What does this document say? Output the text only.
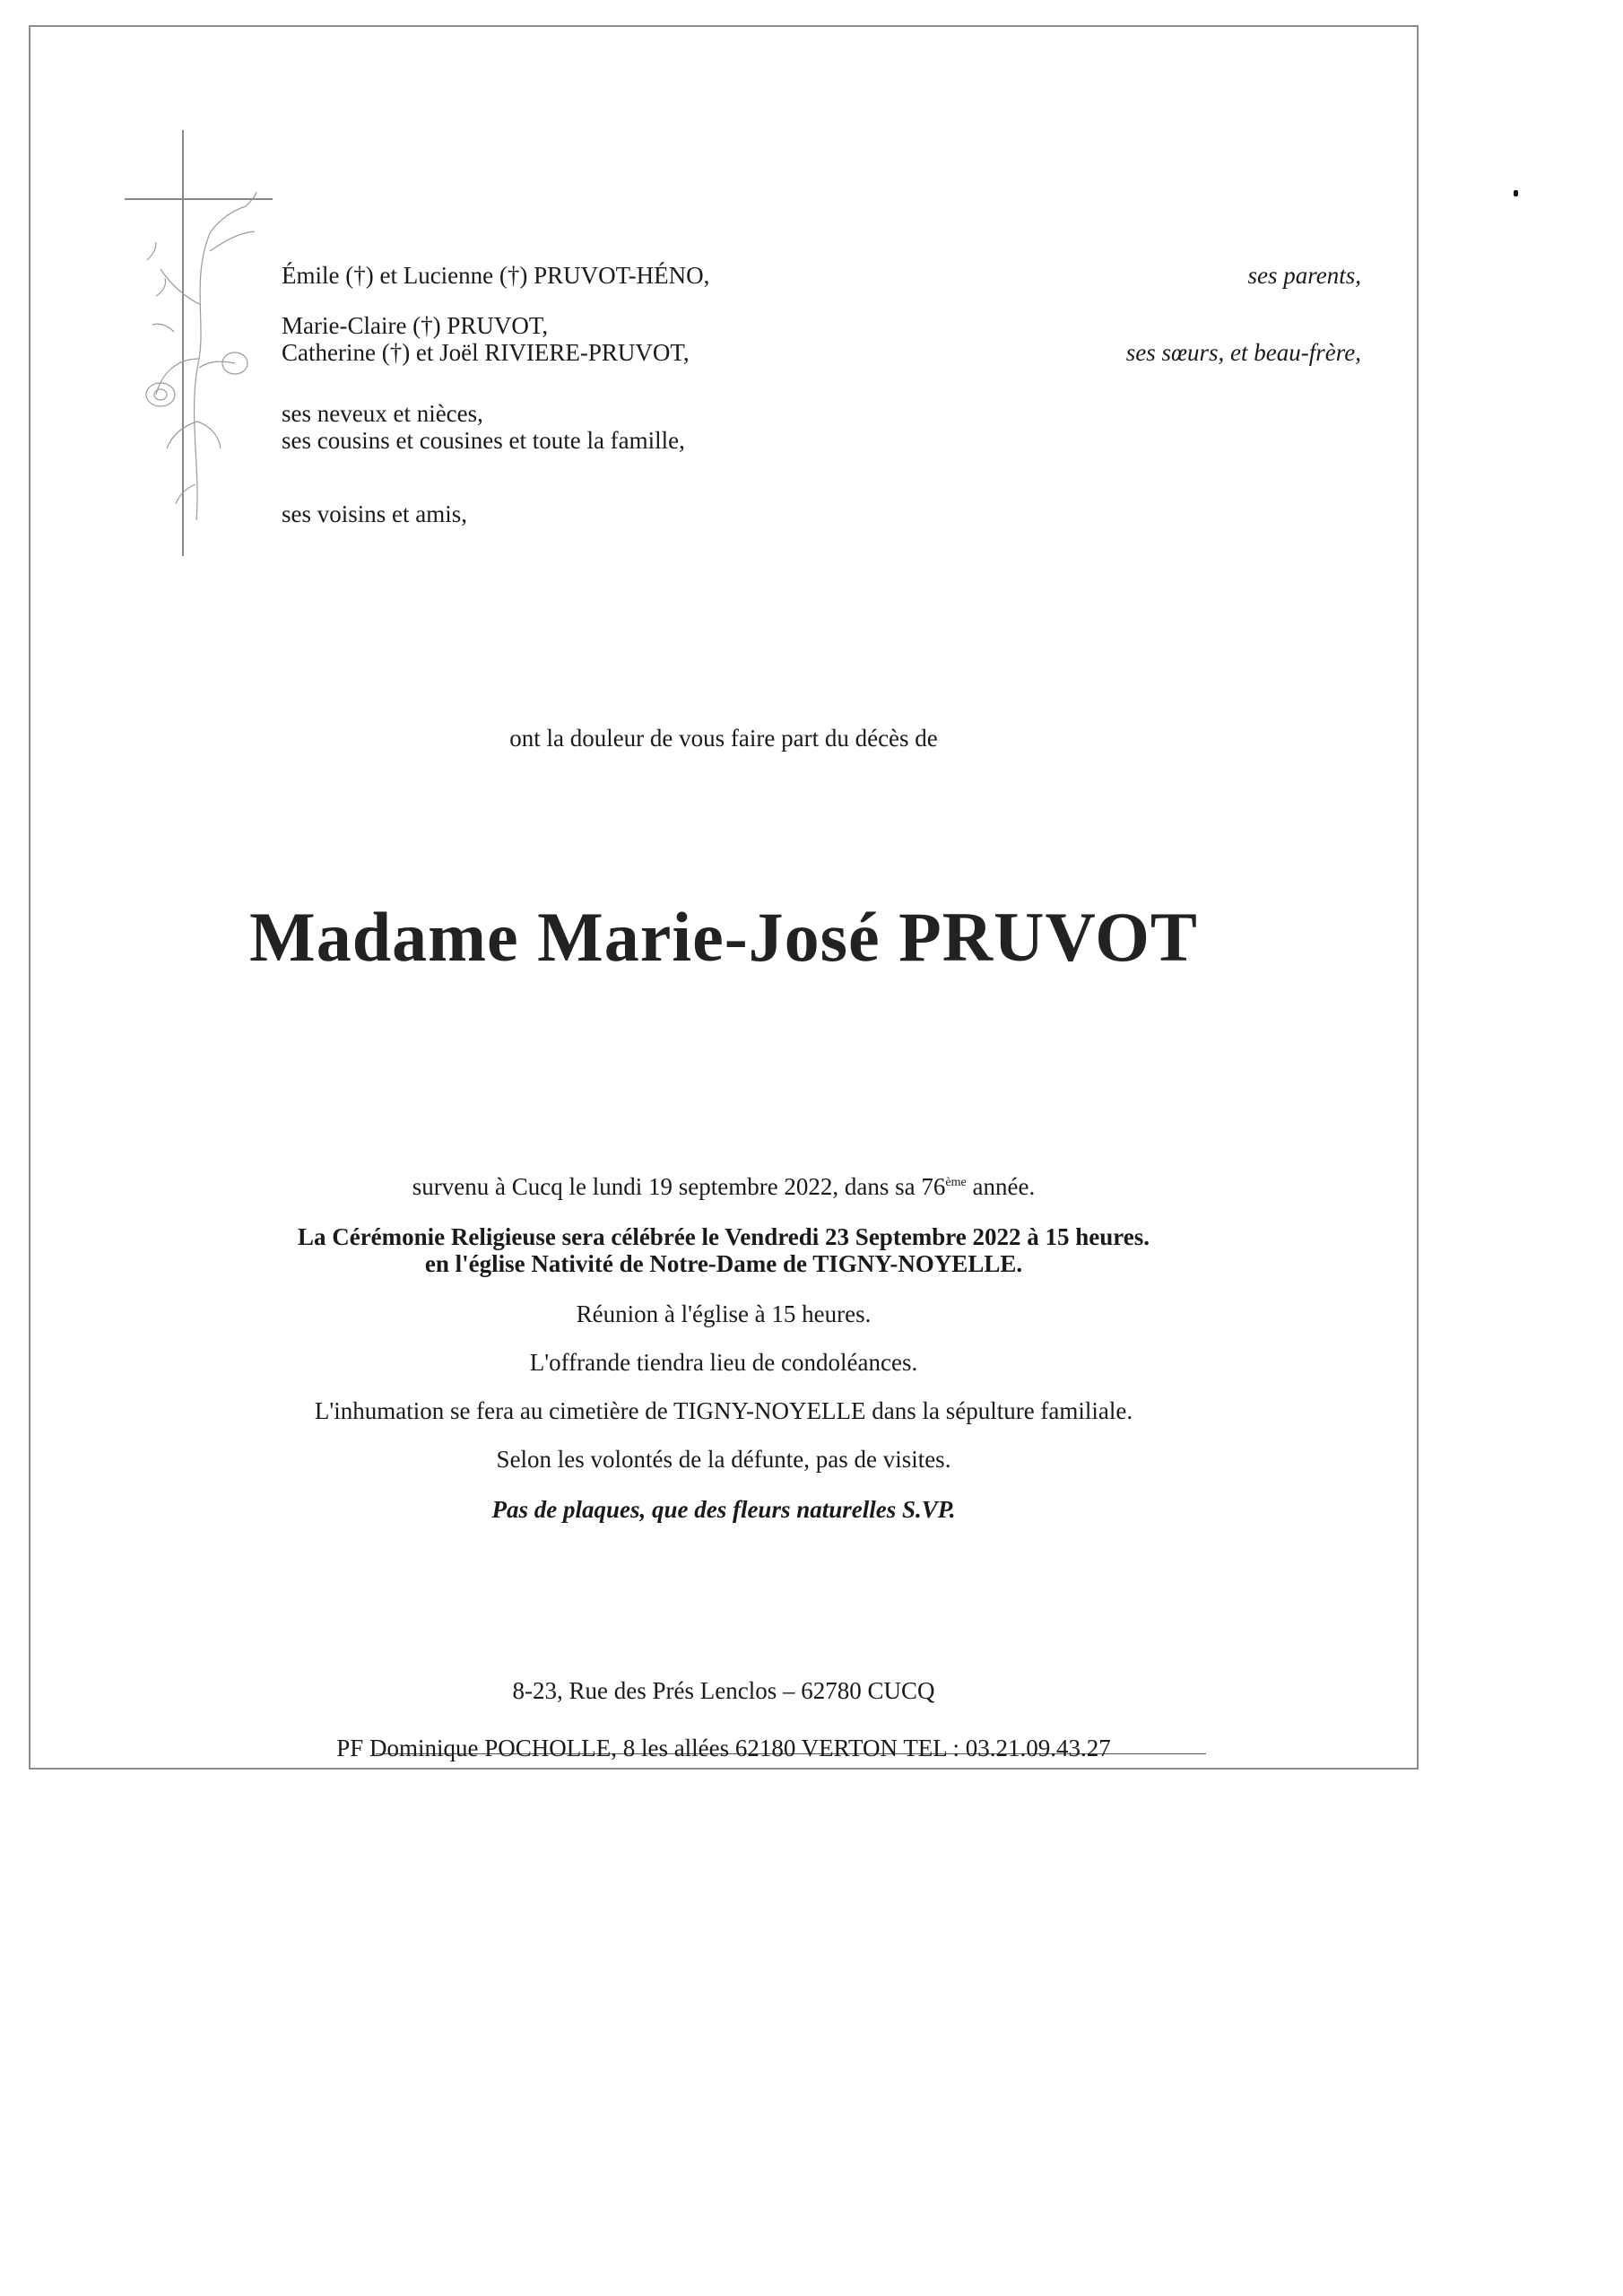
Émile (†) et Lucienne (†) PRUVOT-HÉNO,	ses parents,
Marie-Claire (†) PRUVOT,
Catherine (†) et Joël RIVIERE-PRUVOT,	ses sœurs, et beau-frère,
ses neveux et nièces,
ses cousins et cousines et toute la famille,
ses voisins et amis,
ont la douleur de vous faire part du décès de
Madame Marie-José PRUVOT
survenu à Cucq le lundi 19 septembre 2022, dans sa 76ème année.
La Cérémonie Religieuse sera célébrée le Vendredi 23 Septembre 2022 à 15 heures.
en l'église Nativité de Notre-Dame de TIGNY-NOYELLE.
Réunion à l'église à 15 heures.
L'offrande tiendra lieu de condoléances.
L'inhumation se fera au cimetière de TIGNY-NOYELLE dans la sépulture familiale.
Selon les volontés de la défunte, pas de visites.
Pas de plaques, que des fleurs naturelles S.VP.
8-23, Rue des Prés Lenclos – 62780 CUCQ
PF Dominique POCHOLLE, 8 les allées 62180 VERTON TEL : 03.21.09.43.27
